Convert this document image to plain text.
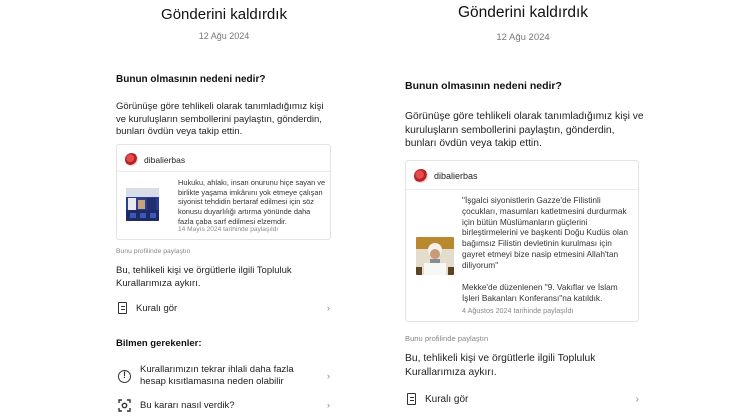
Gönderini kaldırdık
12 Ağu 2024
Bunun olmasının nedeni nedir?
Görünüşe göre tehlikeli olarak tanımladığımız kişi ve kuruluşların sembollerini paylaştın, gönderdin, bunları övdün veya takip ettin.
dibalierbas
Hukuku, ahlakı, insan onurunu hiçe sayan ve birlikte yaşama imkânını yok etmeye çalışan siyonist tehdidin bertaraf edilmesi için söz konusu duyarlılığı artırma yönünde daha fazla çaba sarf edilmesi elzemdir.
14 Mayıs 2024 tarihinde paylaşıldı
Bunu profilinde paylaştın
Bu, tehlikeli kişi ve örgütlerle ilgili Topluluk Kurallarımıza aykırı.
Kuralı gör	›
Bilmen gerekenler:
!
Kurallarımızın tekrar ihlali daha fazla hesap kısıtlamasına neden olabilir	›
Bu kararı nasıl verdik?	›
Gönderini kaldırdık
12 Ağu 2024
Bunun olmasının nedeni nedir?
Görünüşe göre tehlikeli olarak tanımladığımız kişi ve kuruluşların sembollerini paylaştın, gönderdin, bunları övdün veya takip ettin.
dibalierbas
"İşgalci siyonistlerin Gazze'de Filistinli çocukları, masumları katletmesini durdurmak için bütün Müslümanların güçlerini birleştirmelerini ve başkenti Doğu Kudüs olan bağımsız Filistin devletinin kurulması için gayret etmeyi bize nasip etmesini Allah'tan diliyorum"
Mekke'de düzenlenen "9. Vakıflar ve İslam İşleri Bakanları Konferansı"na katıldık.
4 Ağustos 2024 tarihinde paylaşıldı
Bunu profilinde paylaştın
Bu, tehlikeli kişi ve örgütlerle ilgili Topluluk Kurallarımıza aykırı.
Kuralı gör	›
